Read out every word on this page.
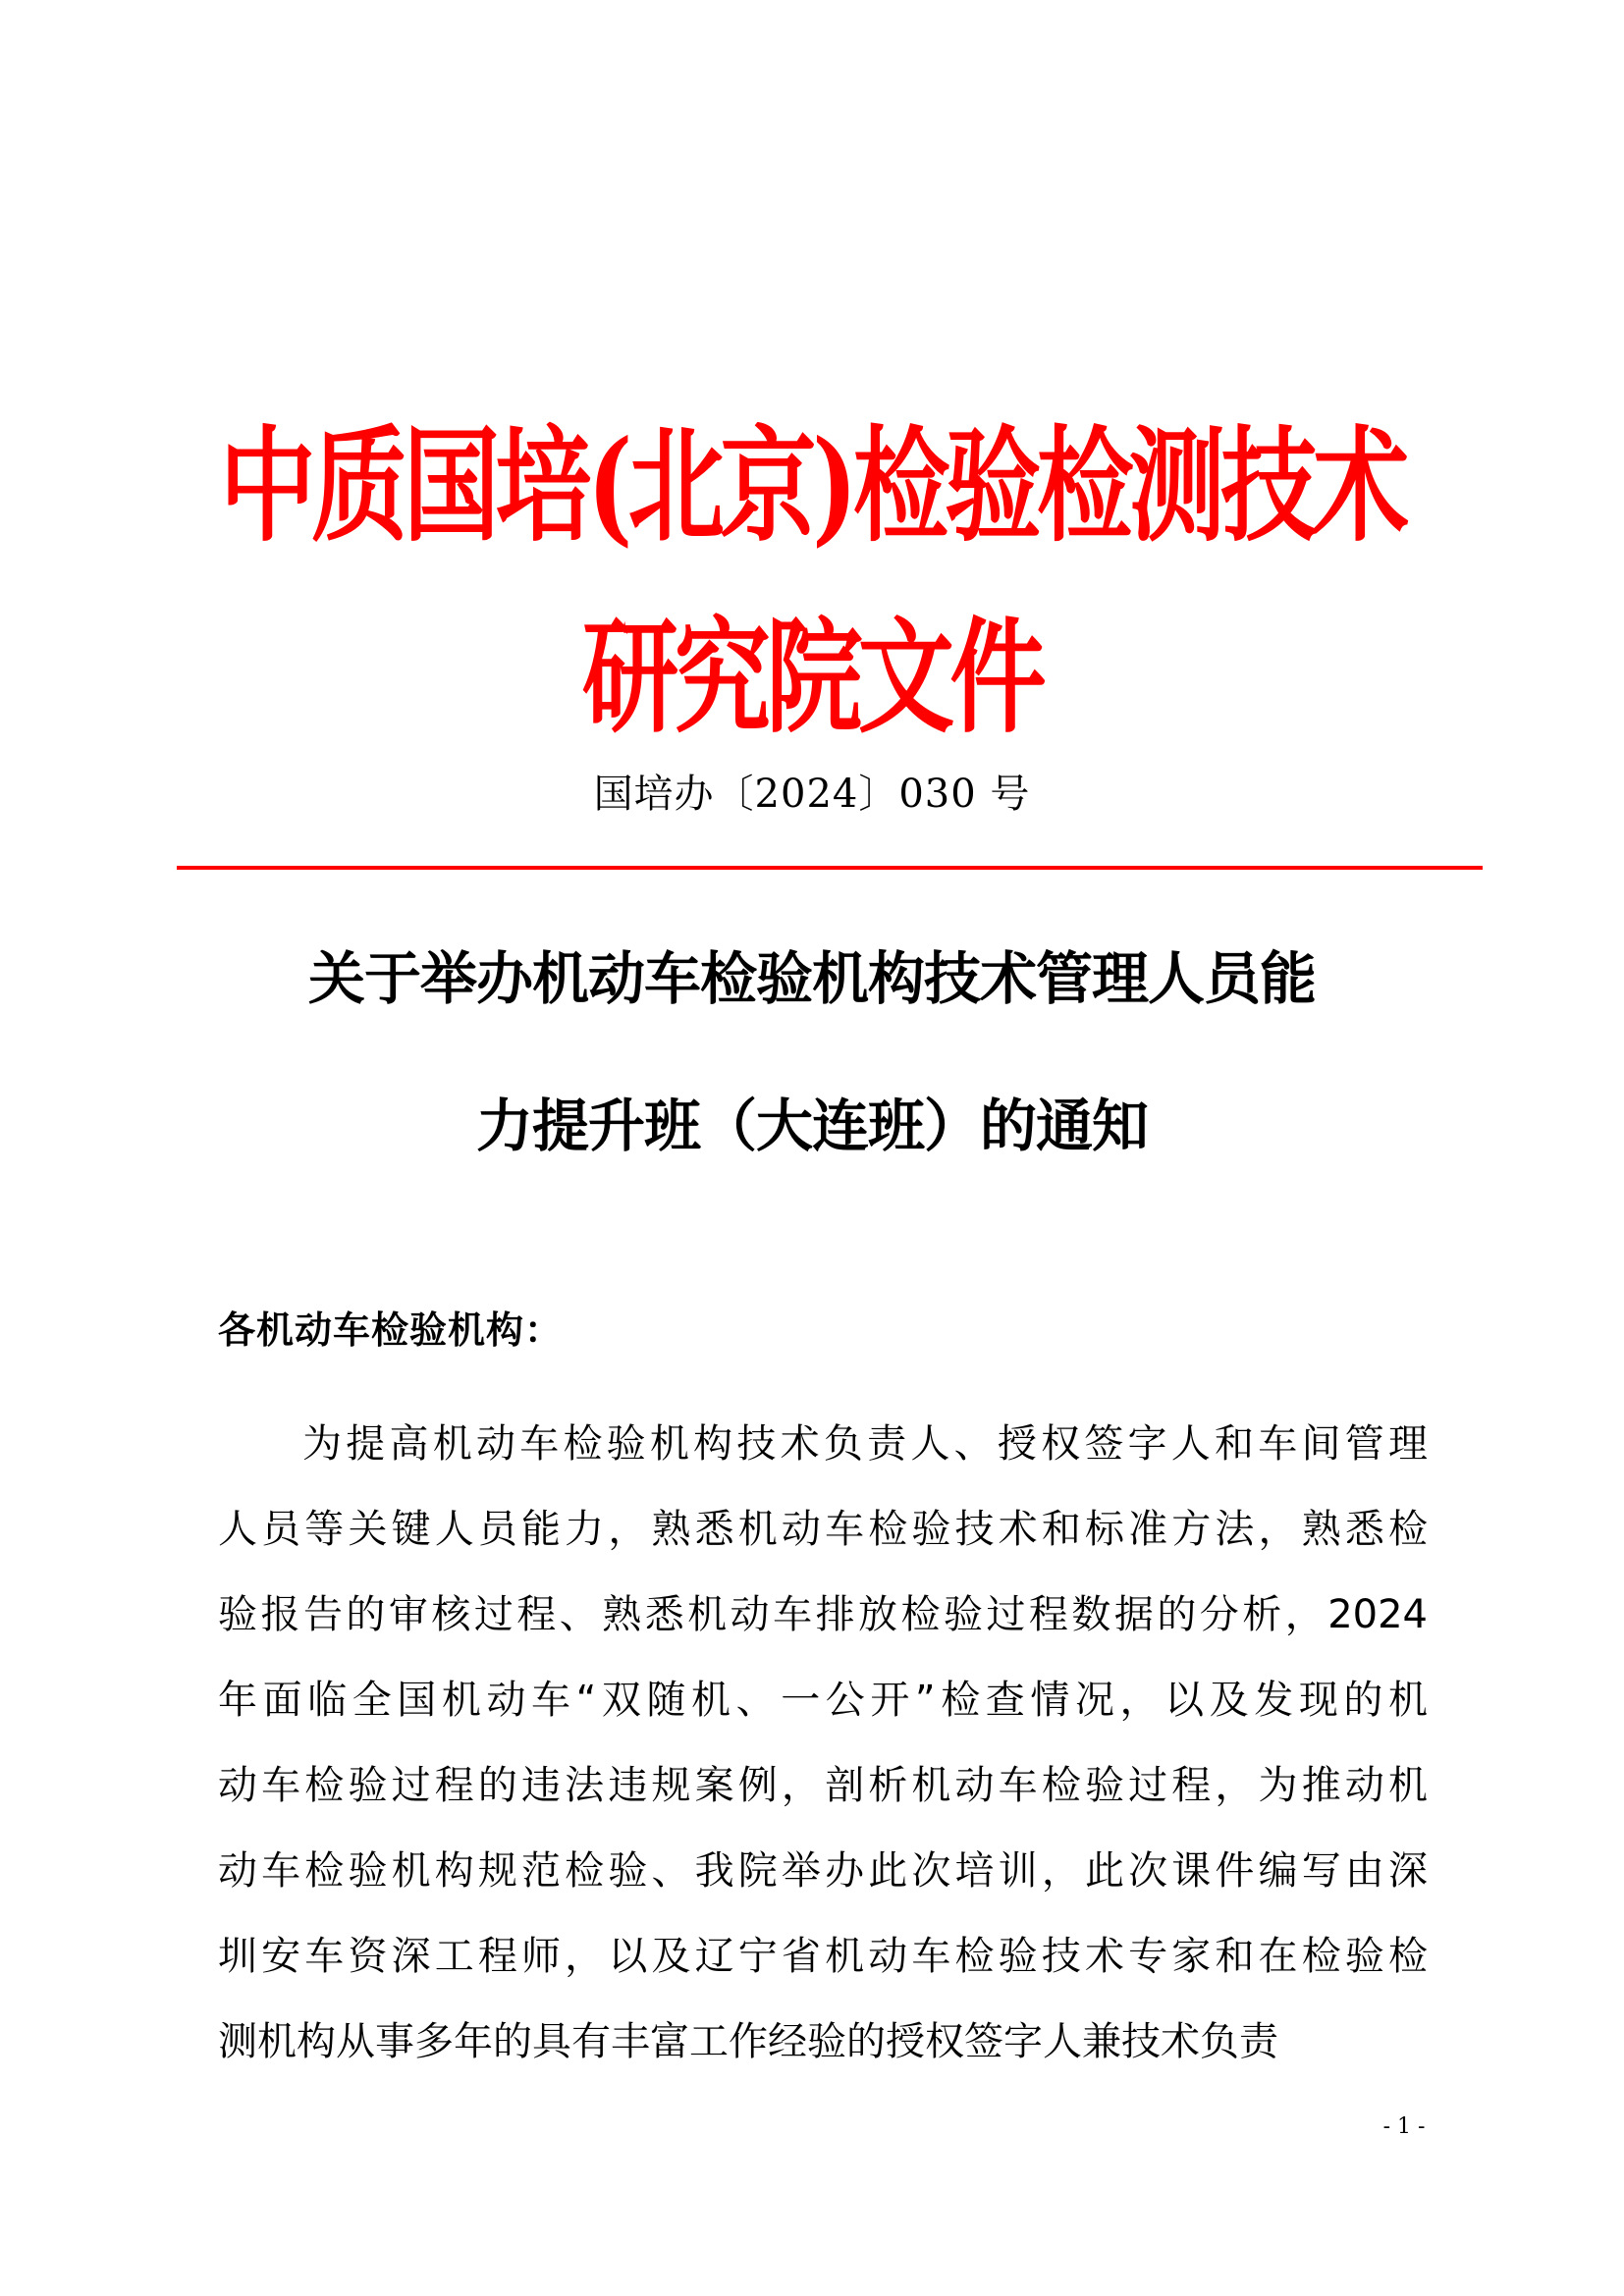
中质国培(北京)检验检测技术
研究院文件
国培办〔2024〕030 号
关于举办机动车检验机构技术管理人员能
力提升班（大连班）的通知
各机动车检验机构：
为提高机动车检验机构技术负责人、授权签字人和车间管理
人员等关键人员能力，熟悉机动车检验技术和标准方法，熟悉检
验报告的审核过程、熟悉机动车排放检验过程数据的分析，2024
年面临全国机动车“双随机、一公开”检查情况，以及发现的机
动车检验过程的违法违规案例，剖析机动车检验过程，为推动机
动车检验机构规范检验、我院举办此次培训，此次课件编写由深
圳安车资深工程师，以及辽宁省机动车检验技术专家和在检验检
测机构从事多年的具有丰富工作经验的授权签字人兼技术负责
- 1 -
